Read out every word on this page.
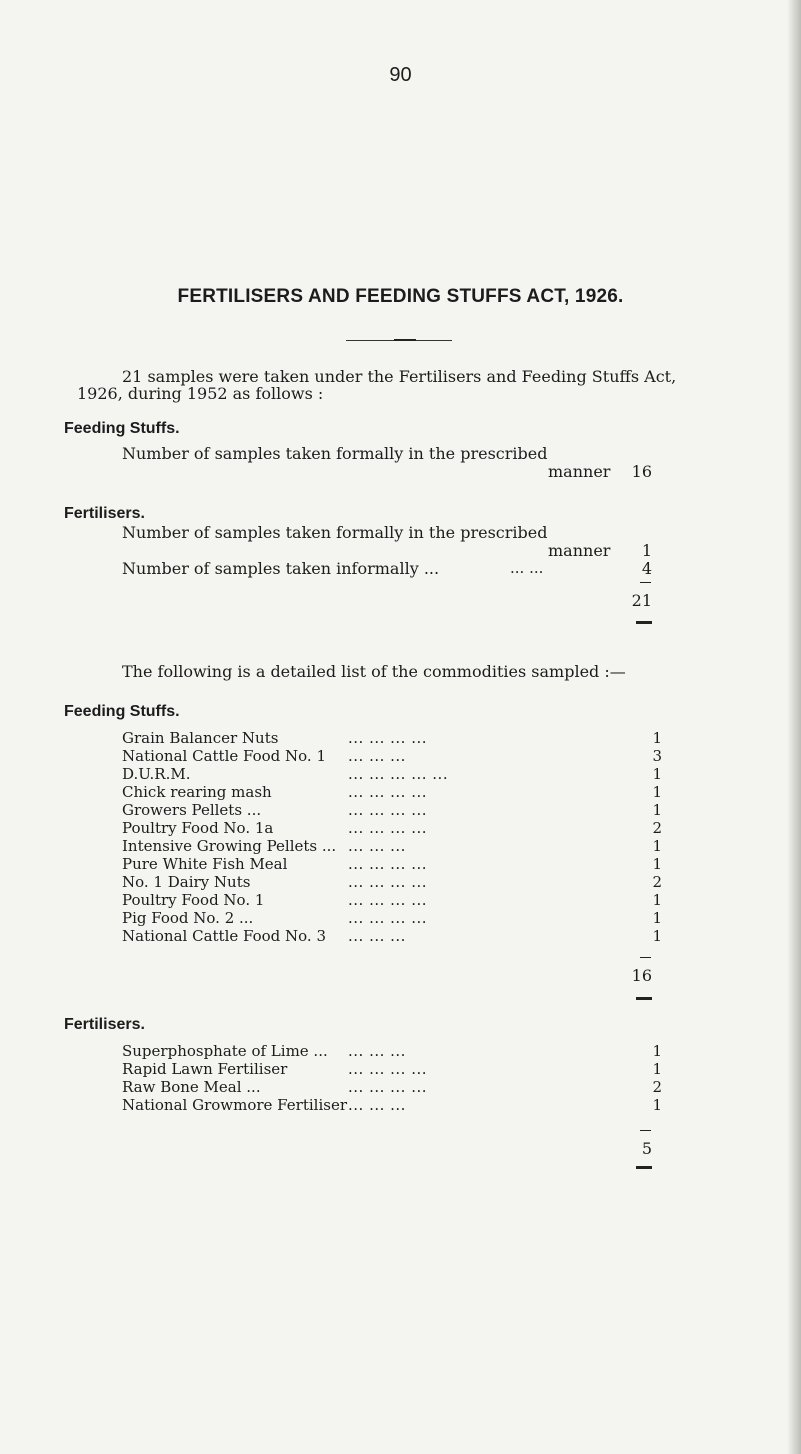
90
FERTILISERS AND FEEDING STUFFS ACT, 1926.
21 samples were taken under the Fertilisers and Feeding Stuffs Act,
1926, during 1952 as follows :
Feeding Stuffs.
Number of samples taken formally in the prescribed
manner	16
Fertilisers.
Number of samples taken formally in the prescribed
manner	1
Number of samples taken informally ...	... ...	4
21
The following is a detailed list of the commodities sampled :—
Feeding Stuffs.
Grain Balancer Nuts	... ... ... ...	1
National Cattle Food No. 1 ... ... ...	3
D.U.R.M.	... ... ... ... ...	1
Chick rearing mash	... ... ... ...	1
Growers Pellets ...	... ... ... ...	1
Poultry Food No. 1a	... ... ... ...	2
Intensive Growing Pellets ... ... ... ...	1
Pure White Fish Meal	... ... ... ...	1
No. 1 Dairy Nuts	... ... ... ...	2
Poultry Food No. 1	... ... ... ...	1
Pig Food No. 2 ...	... ... ... ...	1
National Cattle Food No. 3 ... ... ...	1
16
Fertilisers.
Superphosphate of Lime ... ... ... ...	1
Rapid Lawn Fertiliser	... ... ... ...	1
Raw Bone Meal ...	... ... ... ...	2
National Growmore Fertiliser ... ... ...	1
5
